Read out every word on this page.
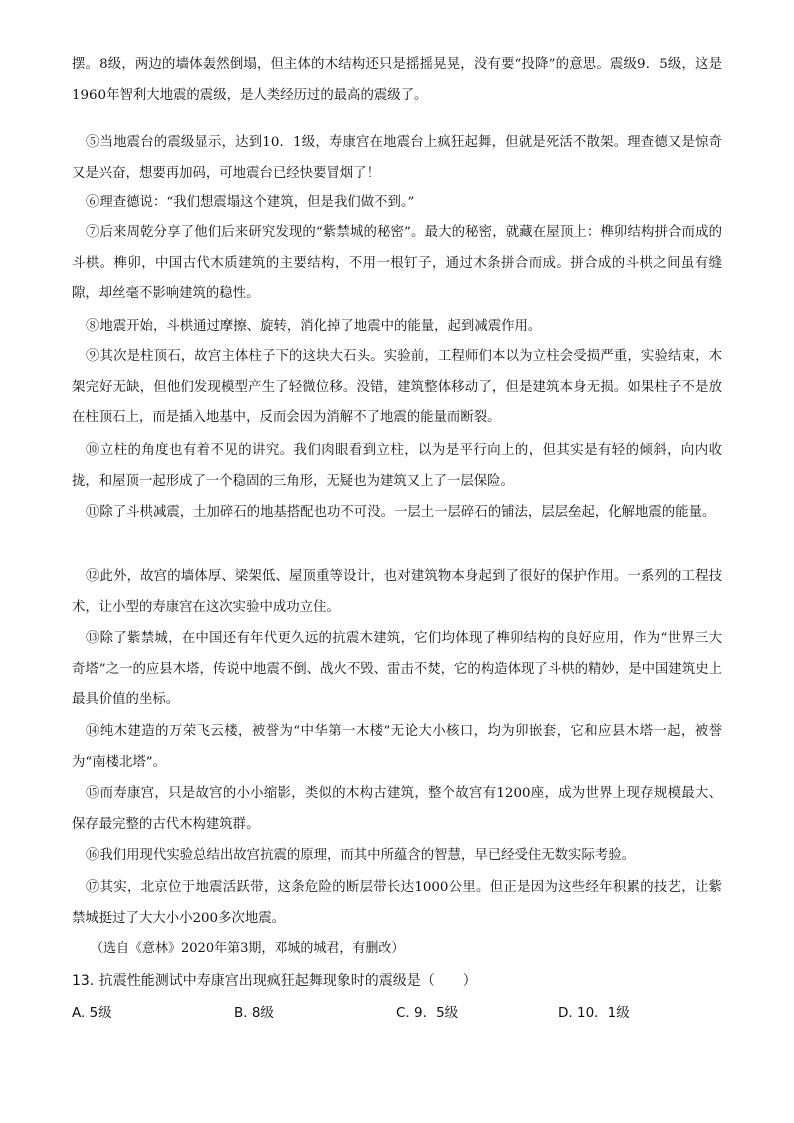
摆。8级，两边的墙体轰然倒塌，但主体的木结构还只是摇摇晃晃，没有要“投降”的意思。震级9．5级，这是1960年智利大地震的震级，是人类经历过的最高的震级了。

⑤当地震台的震级显示，达到10．1级，寿康宫在地震台上疯狂起舞，但就是死活不散架。理查德又是惊奇又是兴奋，想要再加码，可地震台已经快要冒烟了！

⑥理查德说：“我们想震塌这个建筑，但是我们做不到。”

⑦后来周乾分享了他们后来研究发现的“紫禁城的秘密”。最大的秘密，就藏在屋顶上：榫卯结构拼合而成的斗栱。榫卯，中国古代木质建筑的主要结构，不用一根钉子，通过木条拼合而成。拼合成的斗栱之间虽有缝隙，却丝毫不影响建筑的稳性。

⑧地震开始，斗栱通过摩擦、旋转，消化掉了地震中的能量，起到减震作用。

⑨其次是柱顶石，故宫主体柱子下的这块大石头。实验前，工程师们本以为立柱会受损严重，实验结束，木架完好无缺，但他们发现模型产生了轻微位移。没错，建筑整体移动了，但是建筑本身无损。如果柱子不是放在柱顶石上，而是插入地基中，反而会因为消解不了地震的能量而断裂。

⑩立柱的角度也有着不见的讲究。我们肉眼看到立柱，以为是平行向上的，但其实是有轻的倾斜，向内收拢，和屋顶一起形成了一个稳固的三角形，无疑也为建筑又上了一层保险。

⑪除了斗栱减震，土加碎石的地基搭配也功不可没。一层土一层碎石的铺法，层层垒起，化解地震的能量。

⑫此外，故宫的墙体厚、梁架低、屋顶重等设计，也对建筑物本身起到了很好的保护作用。一系列的工程技术，让小型的寿康宫在这次实验中成功立住。

⑬除了紫禁城，在中国还有年代更久远的抗震木建筑，它们均体现了榫卯结构的良好应用，作为“世界三大奇塔”之一的应县木塔，传说中地震不倒、战火不毁、雷击不焚，它的构造体现了斗栱的精妙，是中国建筑史上最具价值的坐标。

⑭纯木建造的万荣飞云楼，被誉为“中华第一木楼”无论大小核口，均为卯嵌套，它和应县木塔一起，被誉为“南楼北塔”。

⑮而寿康宫，只是故宫的小小缩影，类似的木构古建筑，整个故宫有1200座，成为世界上现存规模最大、保存最完整的古代木构建筑群。

⑯我们用现代实验总结出故宫抗震的原理，而其中所蕴含的智慧，早已经受住无数实际考验。

⑰其实，北京位于地震活跃带，这条危险的断层带长达1000公里。但正是因为这些经年积累的技艺，让紫禁城挺过了大大小小200多次地震。

（选自《意林》2020年第3期，邓城的城君，有删改）
13. 抗震性能测试中寿康宫出现疯狂起舞现象时的震级是（　　）
A. 5级	B. 8级	C. 9．5级	D. 10．1级
